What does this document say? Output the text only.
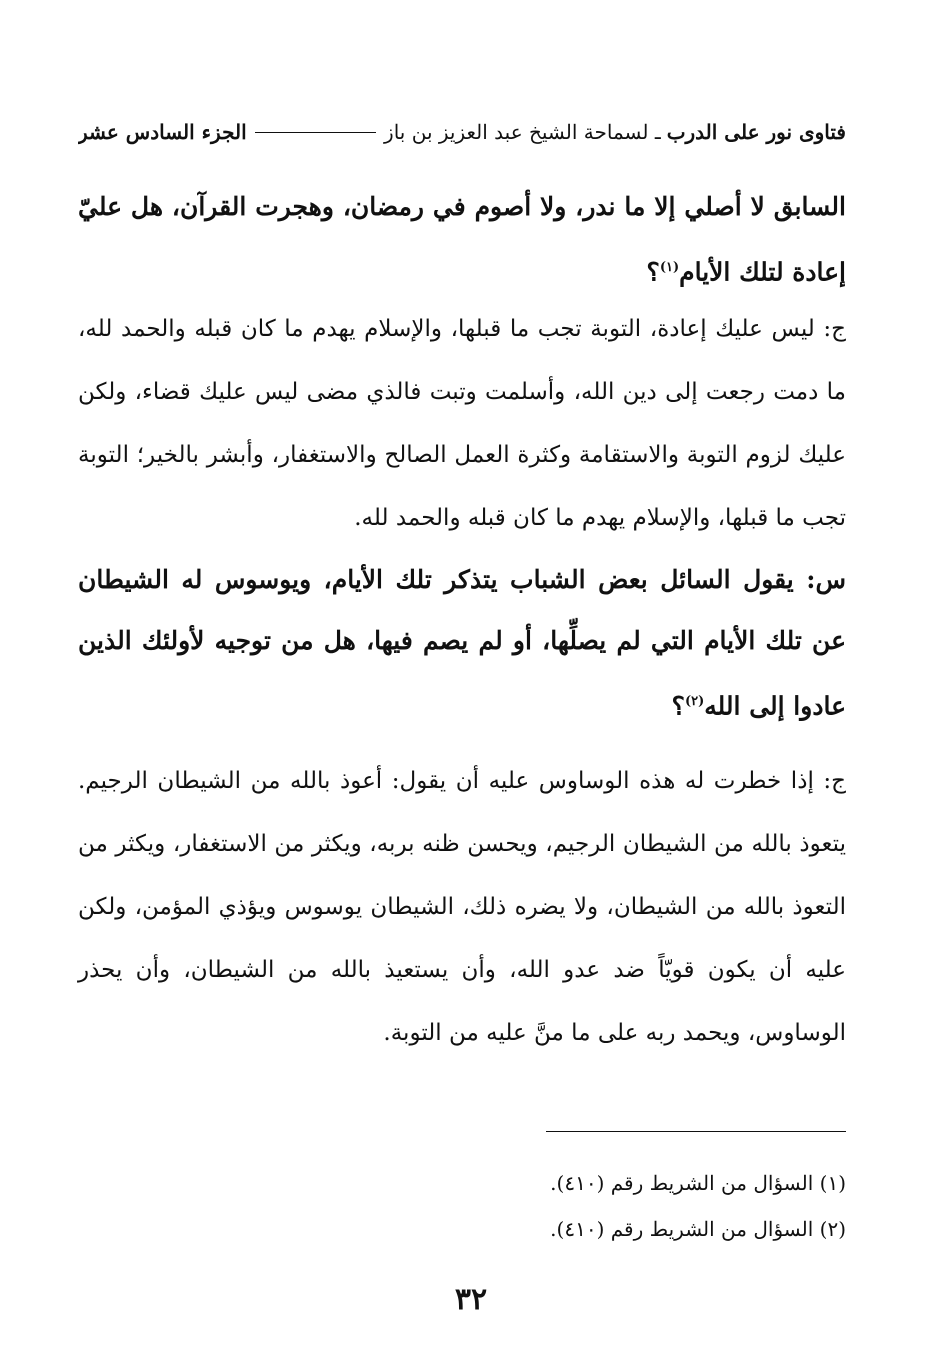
فتاوى نور على الدرب
ـ لسماحة الشيخ عبد العزيز بن باز
الجزء السادس عشر

السابق لا أصلي إلا ما ندر، ولا أصوم في رمضان، وهجرت القرآن، هل عليّ إعادة لتلك الأيام$^{(١)}$؟

ج: ليس عليك إعادة، التوبة تجب ما قبلها، والإسلام يهدم ما كان قبله والحمد لله، ما دمت رجعت إلى دين الله، وأسلمت وتبت فالذي مضى ليس عليك قضاء، ولكن عليك لزوم التوبة والاستقامة وكثرة العمل الصالح والاستغفار، وأبشر بالخير؛ التوبة تجب ما قبلها، والإسلام يهدم ما كان قبله والحمد لله.

س: يقول السائل بعض الشباب يتذكر تلك الأيام، ويوسوس له الشيطان عن تلك الأيام التي لم يصلِّها، أو لم يصم فيها، هل من توجيه لأولئك الذين عادوا إلى الله$^{(٢)}$؟

ج: إذا خطرت له هذه الوساوس عليه أن يقول: أعوذ بالله من الشيطان الرجيم. يتعوذ بالله من الشيطان الرجيم، ويحسن ظنه بربه، ويكثر من الاستغفار، ويكثر من التعوذ بالله من الشيطان، ولا يضره ذلك، الشيطان يوسوس ويؤذي المؤمن، ولكن عليه أن يكون قويّاً ضد عدو الله، وأن يستعيذ بالله من الشيطان، وأن يحذر الوساوس، ويحمد ربه على ما منَّ عليه من التوبة.

(١) السؤال من الشريط رقم (٤١٠).
(٢) السؤال من الشريط رقم (٤١٠).
٣٢
